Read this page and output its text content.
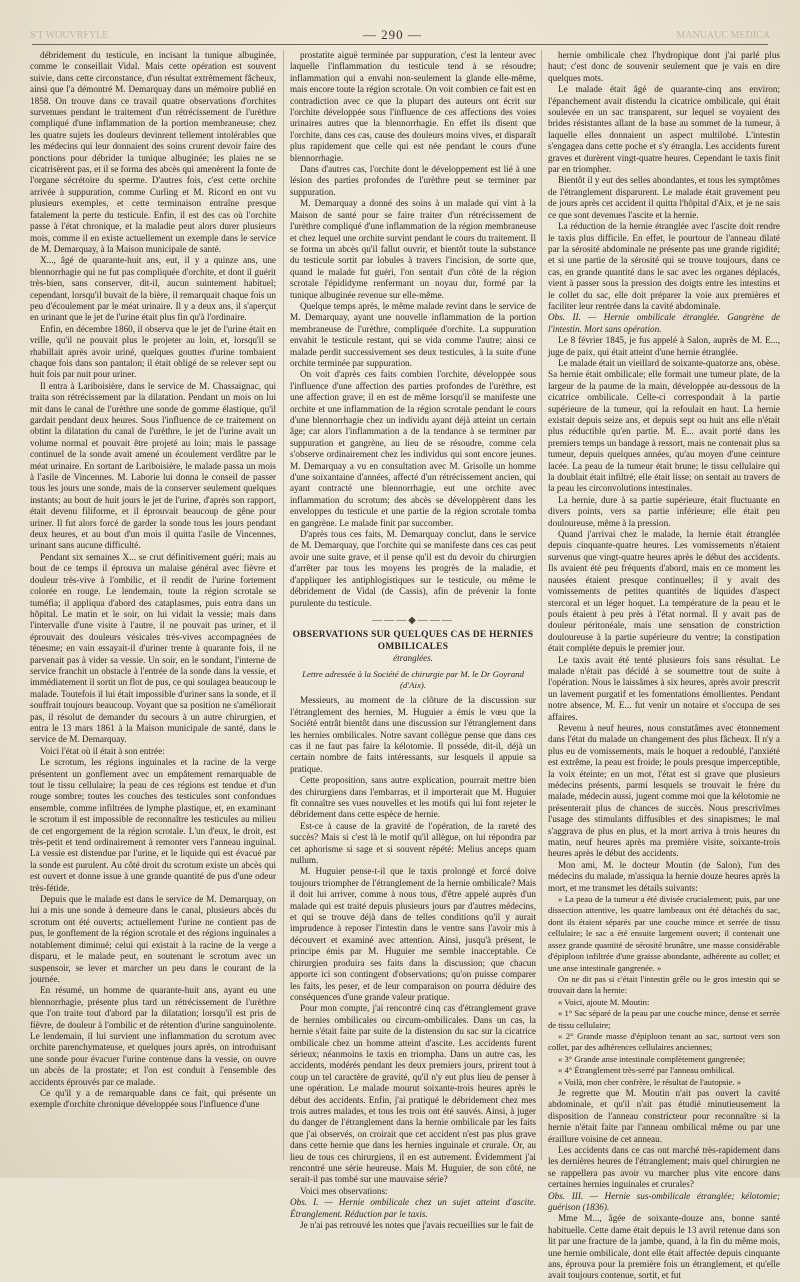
S'T WOUVRFYLE	— 290 —	MANUAUC MEDICA

débridement du testicule, en incisant la tunique albuginée, comme le conseillait Vidal. Mais cette opération est souvent suivie, dans cette circonstance, d'un résultat extrêmement fâcheux, ainsi que l'a démontré M. Demarquay dans un mémoire publié en 1858. On trouve dans ce travail quatre observations d'orchites survenues pendant le traitement d'un rétrécissement de l'urèthre compliqué d'une inflammation de la portion membraneuse; chez les quatre sujets les douleurs devinrent tellement intolérables que les médecins qui leur donnaient des soins crurent devoir faire des ponctions pour débrider la tunique albuginée; les plaies ne se cicatrisèrent pas, et il se forma des abcès qui amenèrent la fonte de l'organe sécrétoire du sperme. D'autres fois, c'est cette orchite arrivée à suppuration, comme Curling et M. Ricord en ont vu plusieurs exemples, et cette terminaison entraîne presque fatalement la perte du testicule. Enfin, il est des cas où l'orchite passe à l'état chronique, et la maladie peut alors durer plusieurs mois, comme il en existe actuellement un exemple dans le service de M. Demarquay, à la Maison municipale de santé.

X..., âgé de quarante-huit ans, eut, il y a quinze ans, une blennorrhagie qui ne fut pas compliquée d'orchite, et dont il guérit très-bien, sans conserver, dit-il, aucun suintement habituel; cependant, lorsqu'il buvait de la bière, il remarquait chaque fois un peu d'écoulement par le méat urinaire. Il y a deux ans, il s'aperçut en urinant que le jet de l'urine était plus fin qu'à l'ordinaire.

Enfin, en décembre 1860, il observa que le jet de l'urine était en vrille, qu'il ne pouvait plus le projeter au loin, et, lorsqu'il se rhabillait après avoir uriné, quelques gouttes d'urine tombaient chaque fois dans son pantalon; il était obligé de se relever sept ou huit fois par nuit pour uriner.

Il entra à Lariboisière, dans le service de M. Chassaignac, qui traita son rétrécissement par la dilatation. Pendant un mois on lui mit dans le canal de l'urèthre une sonde de gomme élastique, qu'il gardait pendant deux heures. Sous l'influence de ce traitement on obtint la dilatation du canal de l'urèthre, le jet de l'urine avait un volume normal et pouvait être projeté au loin; mais le passage continuel de la sonde avait amené un écoulement verdâtre par le méat urinaire. En sortant de Lariboisière, le malade passa un mois à l'asile de Vincennes. M. Laborie lui donna le conseil de passer tous les jours une sonde, mais de la conserver seulement quelques instants; au bout de huit jours le jet de l'urine, d'après son rapport, était devenu filiforme, et il éprouvait beaucoup de gêne pour uriner. Il fut alors forcé de garder la sonde tous les jours pendant deux heures, et au bout d'un mois il quitta l'asile de Vincennes, urinant sans aucune difficulté.

Pendant six semaines X... se crut définitivement guéri; mais au bout de ce temps il éprouva un malaise général avec fièvre et douleur très-vive à l'ombilic, et il rendit de l'urine fortement colorée en rouge. Le lendemain, toute la région scrotale se tuméfia; il appliqua d'abord des cataplasmes, puis entra dans un hôpital. Le matin et le soir, on lui vidait la vessie; mais dans l'intervalle d'une visite à l'autre, il ne pouvait pas uriner, et il éprouvait des douleurs vésicales très-vives accompagnées de ténesme; en vain essayait-il d'uriner trente à quarante fois, il ne parvenait pas à vider sa vessie. Un soir, en le sondant, l'interne de service franchit un obstacle à l'entrée de la sonde dans la vessie, et immédiatement il sortit un flot de pus, ce qui soulagea beaucoup le malade. Toutefois il lui était impossible d'uriner sans la sonde, et il souffrait toujours beaucoup. Voyant que sa position ne s'améliorait pas, il résolut de demander du secours à un autre chirurgien, et entra le 13 mars 1861 à la Maison municipale de santé, dans le service de M. Demarquay.

Voici l'état où il était à son entrée:

Le scrotum, les régions inguinales et la racine de la verge présentent un gonflement avec un empâtement remarquable de tout le tissu cellulaire; la peau de ces régions est tendue et d'un rouge sombre; toutes les couches des testicules sont confondues ensemble, comme infiltrées de lymphe plastique, et, en examinant le scrotum il est impossible de reconnaître les testicules au milieu de cet engorgement de la région scrotale. L'un d'eux, le droit, est très-petit et tend ordinairement à remonter vers l'anneau inguinal. La vessie est distendue par l'urine, et le liquide qui est évacué par la sonde est purulent. Au côté droit du scrotum existe un abcès qui est ouvert et donne issue à une grande quantité de pus d'une odeur très-fétide.

Depuis que le malade est dans le service de M. Demarquay, on lui a mis une sonde à demeure dans le canal, plusieurs abcès du scrotum ont été ouverts; actuellement l'urine ne contient pas de pus, le gonflement de la région scrotale et des régions inguinales a notablement diminué; celui qui existait à la racine de la verge a disparu, et le malade peut, en soutenant le scrotum avec un suspensoir, se lever et marcher un peu dans le courant de la journée.

En résumé, un homme de quarante-huit ans, ayant eu une blennorrhagie, présente plus tard un rétrécissement de l'urèthre que l'on traite tout d'abord par la dilatation; lorsqu'il est pris de fièvre, de douleur à l'ombilic et de rétention d'urine sanguinolente. Le lendemain, il lui survient une inflammation du scrotum avec orchite parenchymateuse, et quelques jours après, on introduisant une sonde pour évacuer l'urine contenue dans la vessie, on ouvre un abcès de la prostate; et l'on est conduit à l'ensemble des accidents éprouvés par ce malade.

Ce qu'il y a de remarquable dans ce fait, qui présente un exemple d'orchite chronique développée sous l'influence d'une

prostatite aiguë terminée par suppuration, c'est la lenteur avec laquelle l'inflammation du testicule tend à se résoudre; inflammation qui a envahi non-seulement la glande elle-même, mais encore toute la région scrotale. On voit combien ce fait est en contradiction avec ce que la plupart des auteurs ont écrit sur l'orchite développée sous l'influence de ces affections des voies urinaires autres que la blennorrhagie. En effet ils disent que l'orchite, dans ces cas, cause des douleurs moins vives, et disparaît plus rapidement que celle qui est née pendant le cours d'une blennorrhagie.

Dans d'autres cas, l'orchite dont le développement est lié à une lésion des parties profondes de l'urèthre peut se terminer par suppuration.

M. Demarquay a donné des soins à un malade qui vint à la Maison de santé pour se faire traiter d'un rétrécissement de l'urèthre compliqué d'une inflammation de la région membraneuse et chez lequel une orchite survint pendant le cours du traitement. Il se forma un abcès qu'il fallut ouvrir, et bientôt toute la substance du testicule sortit par lobules à travers l'incision, de sorte que, quand le malade fut guéri, l'on sentait d'un côté de la région scrotale l'épididyme renfermant un noyau dur, formé par la tunique albuginée revenue sur elle-même.

Quelque temps après, le même malade revint dans le service de M. Demarquay, ayant une nouvelle inflammation de la portion membraneuse de l'urèthre, compliquée d'orchite. La suppuration envahit le testicule restant, qui se vida comme l'autre; ainsi ce malade perdit successivement ses deux testicules, à la suite d'une orchite terminée par suppuration.

On voit d'après ces faits combien l'orchite, développée sous l'influence d'une affection des parties profondes de l'urèthre, est une affection grave; il en est de même lorsqu'il se manifeste une orchite et une inflammation de la région scrotale pendant le cours d'une blennorrhagie chez un individu ayant déjà atteint un certain âge; car alors l'inflammation a de la tendance à se terminer par suppuration et gangrène, au lieu de se résoudre, comme cela s'observe ordinairement chez les individus qui sont encore jeunes. M. Demarquay a vu en consultation avec M. Grisolle un homme d'une soixantaine d'années, affecté d'un rétrécissement ancien, qui ayant contracté une blennorrhagie, eut une orchite avec inflammation du scrotum; des abcès se développèrent dans les enveloppes du testicule et une partie de la région scrotale tomba en gangrène. Le malade finit par succomber.

D'après tous ces faits, M. Demarquay conclut, dans le service de M. Demarquay, que l'orchite qui se manifeste dans ces cas peut avoir une suite grave, et il pense qu'il est du devoir du chirurgien d'arrêter par tous les moyens les progrès de la maladie, et d'appliquer les antiphlogistiques sur le testicule, ou même le débridement de Vidal (de Cassis), afin de prévenir la fonte purulente du testicule.

———◆———
OBSERVATIONS SUR QUELQUES CAS DE HERNIES OMBILICALES
étranglées.
Lettre adressée à la Société de chirurgie par M. le Dr Goyrand (d'Aix).

Messieurs, au moment de la clôture de la discussion sur l'étranglement des hernies, M. Huguier a émis le vœu que la Société entrât bientôt dans une discussion sur l'étranglement dans les hernies ombilicales. Notre savant collègue pense que dans ces cas il ne faut pas faire la kélotomie. Il posséde, dit-il, déjà un certain nombre de faits intéressants, sur lesquels il appuie sa pratique.

Cette proposition, sans autre explication, pourrait mettre bien des chirurgiens dans l'embarras, et il importerait que M. Huguier fît connaître ses vues nouvelles et les motifs qui lui font rejeter le débridement dans cette espèce de hernie.

Est-ce à cause de la gravité de l'opération, de la rareté des succès? Mais si c'est là le motif qu'il allègue, on lui répondra par cet aphorisme si sage et si souvent répété: Melius anceps quam nullum.

M. Huguier pense-t-il que le taxis prolongé et forcé doive toujours triompher de l'étranglement de la hernie ombilicale? Mais il doit lui arriver, comme à nous tous, d'être appelé auprès d'un malade qui est traité depuis plusieurs jours par d'autres médecins, et qui se trouve déjà dans de telles conditions qu'il y aurait imprudence à reposer l'intestin dans le ventre sans l'avoir mis à découvert et examiné avec attention. Ainsi, jusqu'à présent, le principe émis par M. Huguier me semble inacceptable. Ce chirurgien produira ses faits dans la discussion; que chacun apporte ici son contingent d'observations; qu'on puisse comparer les faits, les peser, et de leur comparaison on pourra déduire des conséquences d'une grande valeur pratique.

Pour mon compte, j'ai rencontré cinq cas d'étranglement grave de hernies ombilicales ou circum-ombilicales. Dans un cas, la hernie s'était faite par suite de la distension du sac sur la cicatrice ombilicale chez un homme atteint d'ascite. Les accidents furent sérieux; néanmoins le taxis en triompha. Dans un autre cas, les accidents, modérés pendant les deux premiers jours, prirent tout à coup un tel caractère de gravité, qu'il n'y eut plus lieu de penser à une opération. Le malade mourut soixante-trois heures après le début des accidents. Enfin, j'ai pratiqué le débridement chez mes trois autres malades, et tous les trois ont été sauvés. Ainsi, à juger du danger de l'étranglement dans la hernie ombilicale par les faits que j'ai observés, on croirait que cet accident n'est pas plus grave dans cette hernie que dans les hernies inguinale et crurale. Or, au lieu de tous ces chirurgiens, il en est autrement. Évidemment j'ai rencontré une série heureuse. Mais M. Huguier, de son côté, ne serait-il pas tombé sur une mauvaise série?

Voici mes observations:

Obs. I. — Hernie ombilicale chez un sujet atteint d'ascite. Étranglement. Réduction par le taxis.

Je n'ai pas retrouvé les notes que j'avais recueillies sur le fait de

hernie ombilicale chez l'hydropique dont j'ai parlé plus haut; c'est donc de souvenir seulement que je vais en dire quelques mots.

Le malade était âgé de quarante-cinq ans environ; l'épanchement avait distendu la cicatrice ombilicale, qui était soulevée en un sac transparent, sur lequel se voyaient des brides résistantes allant de la base au sommet de la tumeur, à laquelle elles donnaient un aspect multilobé. L'intestin s'engagea dans cette poche et s'y étrangla. Les accidents furent graves et durèrent vingt-quatre heures. Cependant le taxis finit par en triompher.

Bientôt il y eut des selles abondantes, et tous les symptômes de l'étranglement disparurent. Le malade était gravement peu de jours après cet accident il quitta l'hôpital d'Aix, et je ne sais ce que sont devenues l'ascite et la hernie.

La réduction de la hernie étranglée avec l'ascite doit rendre le taxis plus difficile. En effet, le pourtour de l'anneau dilaté par la sérosité abdominale ne présente pas une grande rigidité; et si une partie de la sérosité qui se trouve toujours, dans ce cas, en grande quantité dans le sac avec les organes déplacés, vient à passer sous la pression des doigts entre les intestins et le collet du sac, elle doit préparer la voie aux premières et faciliter leur rentrée dans la cavité abdominale.

Obs. II. — Hernie ombilicale étranglée. Gangrène de l'intestin. Mort sans opération.

Le 8 février 1845, je fus appelé à Salon, auprès de M. E..., juge de paix, qui était atteint d'une hernie étranglée.

Le malade était un vieillard de soixante-quatorze ans, obèse. Sa hernie était ombilicale; elle formait une tumeur plate, de la largeur de la paume de la main, développée au-dessous de la cicatrice ombilicale. Celle-ci correspondait à la partie supérieure de la tumeur, qui la refoulait en haut. La hernie existait depuis seize ans, et depuis sept ou huit ans elle n'était plus réductible qu'en partie. M. E... avait porté dans les premiers temps un bandage à ressort, mais ne contenait plus sa tumeur, depuis quelques années, qu'au moyen d'une ceinture lacée. La peau de la tumeur était brune; le tissu cellulaire qui la doublait était infiltré; elle était lisse; on sentait au travers de la peau les circonvolutions intestinales.

La hernie, dure à sa partie supérieure, était fluctuante en divers points, vers sa partie inférieure; elle était peu douloureuse, même à la pression.

Quand j'arrivai chez le malade, la hernie était étranglée depuis cinquante-quatre heures. Les vomissements n'étaient survenus que vingt-quatre heures après le début des accidents. Ils avaient été peu fréquents d'abord, mais en ce moment les nausées étaient presque continuelles; il y avait des vomissements de petites quantités de liquides d'aspect stercoral et un léger hoquet. La température de la peau et le pouls étaient à peu près à l'état normal. Il y avait pas de douleur péritonéale, mais une sensation de constriction douloureuse à la partie supérieure du ventre; la constipation était complète depuis le premier jour.

Le taxis avait été tenté plusieurs fois sans résultat. Le malade n'était pas décidé à se soumettre tout de suite à l'opération. Nous le laissâmes à six heures, après avoir prescrit un lavement purgatif et les fomentations émollientes. Pendant notre absence, M. E... fut venir un notaire et s'occupa de ses affaires.

Revenu à neuf heures, nous constatâmes avec étonnement dans l'état du malade un changement des plus fâcheux. Il n'y a plus eu de vomissements, mais le hoquet a redoublé, l'anxiété est extrême, la peau est froide; le pouls presque imperceptible, la voix éteinte; en un mot, l'état est si grave que plusieurs médecins présents, parmi lesquels se trouvait le frère du malade, médecin aussi, jugent comme moi que la kélotomie ne présenterait plus de chances de succès. Nous prescrivîmes l'usage des stimulants diffusibles et des sinapismes; le mal s'aggrava de plus en plus, et la mort arriva à trois heures du matin, neuf heures après ma première visite, soixante-trois heures après le début des accidents.

Mon ami, M. le docteur Moutin (de Salon), l'un des médecins du malade, m'assiqua la hernie douze heures après la mort, et me transmet les détails suivants:

« La peau de la tumeur a été divisée crucialement; puis, par une dissection attentive, les quatre lambeaux ont été détachés du sac, dont ils étaient séparés par une couche mince et serrée de tissu cellulaire; le sac a été ensuite largement ouvert; il contenait une assez grande quantité de sérosité brunâtre, une masse considérable d'épiploon infiltrée d'une graisse abondante, adhérente au collet; et une anse intestinale gangrenée. »

On ne dit pas si c'était l'intestin grêle ou le gros intestin qui se trouvait dans la hernie:

« Voici, ajoute M. Moutin:

« 1° Sac séparé de la peau par une couche mince, dense et serrée de tissu cellulaire;

« 2° Grande masse d'épiploon tenant au sac, surtout vers son collet, par des adhérences cellulaires anciennes;

« 3° Grande anse intestinale complètement gangrenée;

« 4° Étranglement très-serré par l'anneau ombilical.

« Voilà, mon cher confrère, le résultat de l'autopsie. »

Je regrette que M. Moutin n'ait pas ouvert la cavité abdominale, et qu'il n'ait pas étudié minutieusement la disposition de l'anneau constricteur pour reconnaître si la hernie n'était faite par l'anneau ombilical même ou par une éraillure voisine de cet anneau.

Les accidents dans ce cas ont marché très-rapidement dans les dernières heures de l'étranglement; mais quel chirurgien ne se rappellera pas avoir vu marcher plus vite encore dans certaines hernies inguinales et crurales?

Obs. III. — Hernie sus-ombilicale étranglée; kélotomie; guérison (1836).

Mme M..., âgée de soixante-douze ans, bonne santé habituelle. Cette dame était depuis le 13 avril retenue dans son lit par une fracture de la jambe, quand, à la fin du même mois, une hernie ombilicale, dont elle était affectée depuis cinquante ans, éprouva pour la première fois un étranglement, et qu'elle avait toujours contenue, sortit, et fut
